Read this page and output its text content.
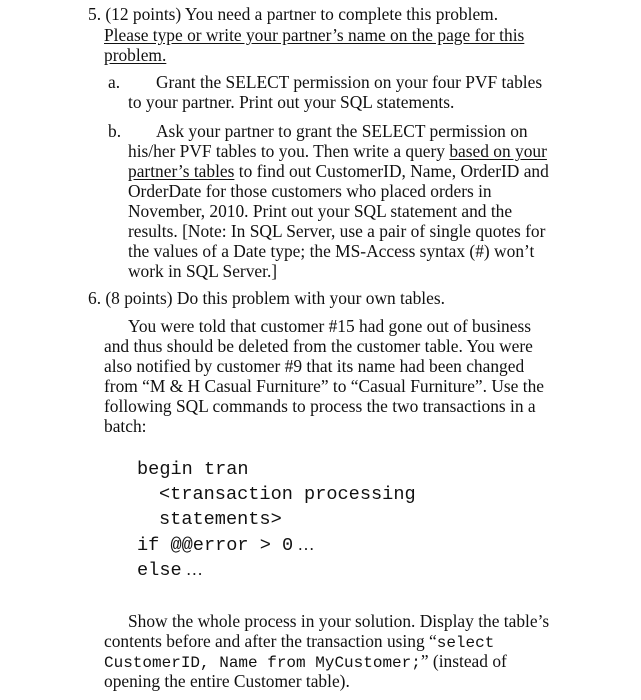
5. (12 points) You need a partner to complete this problem.
Please type or write your partner’s name on the page for this
problem.
a. Grant the SELECT permission on your four PVF tables
to your partner. Print out your SQL statements.
b. Ask your partner to grant the SELECT permission on
his/her PVF tables to you. Then write a query based on your
partner’s tables to find out CustomerID, Name, OrderID and
OrderDate for those customers who placed orders in
November, 2010. Print out your SQL statement and the
results. [Note: In SQL Server, use a pair of single quotes for
the values of a Date type; the MS-Access syntax (#) won’t
work in SQL Server.]
6. (8 points) Do this problem with your own tables.
You were told that customer #15 had gone out of business
and thus should be deleted from the customer table. You were
also notified by customer #9 that its name had been changed
from “M & H Casual Furniture” to “Casual Furniture”. Use the
following SQL commands to process the two transactions in a
batch:
begin tran
<transaction processing
statements>
if @@error > 0 …
else …
Show the whole process in your solution. Display the table’s
contents before and after the transaction using “select
CustomerID, Name from MyCustomer;” (instead of
opening the entire Customer table).
